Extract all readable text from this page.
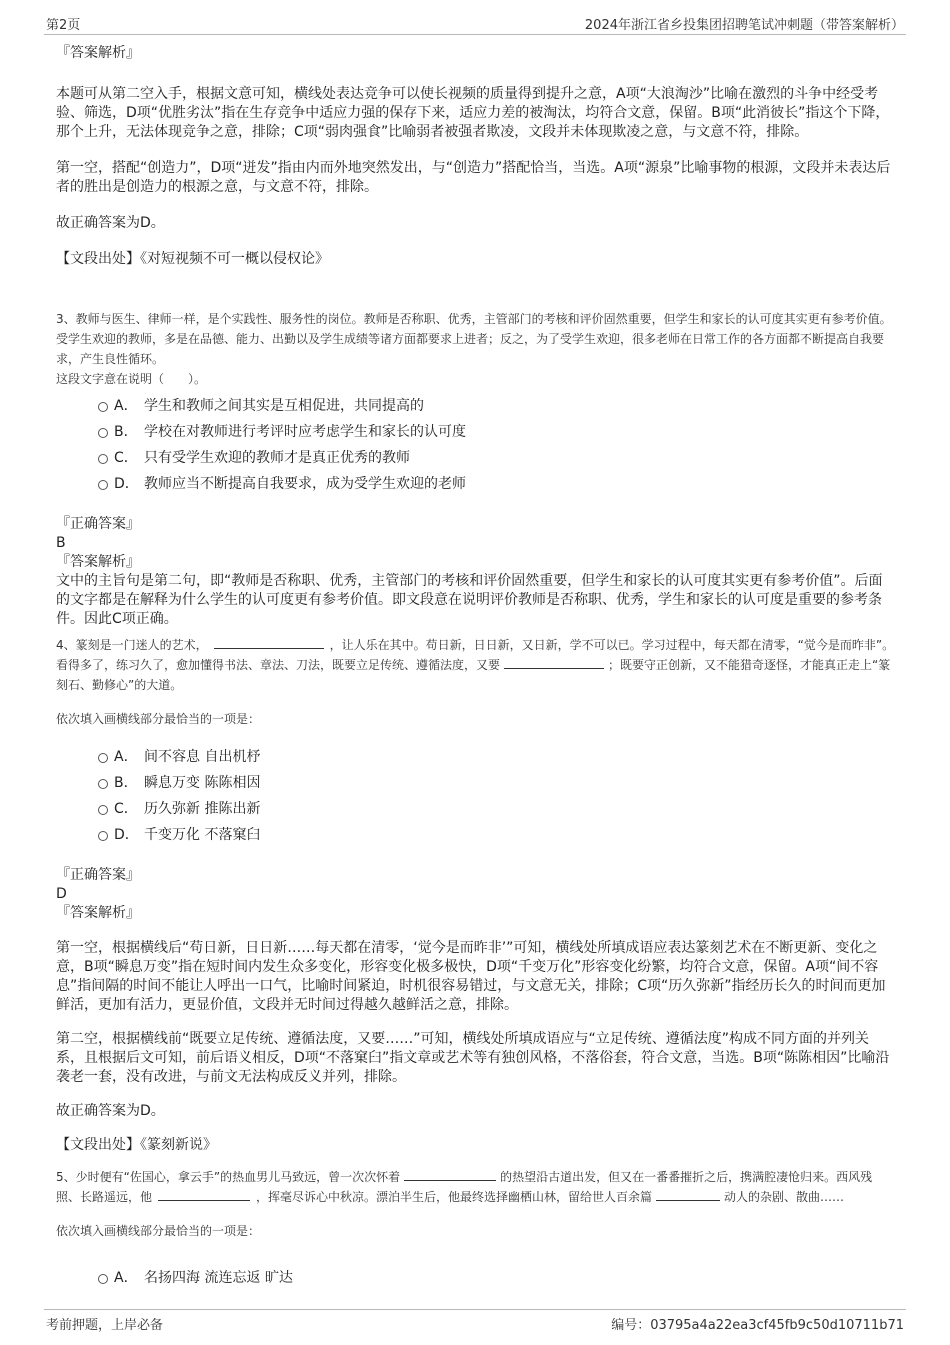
第2页	2024年浙江省乡投集团招聘笔试冲刺题（带答案解析）

『答案解析』

本题可从第二空入手，根据文意可知，横线处表达竞争可以使长视频的质量得到提升之意，A项“大浪淘沙”比喻在激烈的斗争中经受考验、筛选，D项“优胜劣汰”指在生存竞争中适应力强的保存下来，适应力差的被淘汰，均符合文意，保留。B项“此消彼长”指这个下降，那个上升，无法体现竞争之意，排除；C项“弱肉强食”比喻弱者被强者欺凌，文段并未体现欺凌之意，与文意不符，排除。

第一空，搭配“创造力”，D项“迸发”指由内而外地突然发出，与“创造力”搭配恰当，当选。A项“源泉”比喻事物的根源，文段并未表达后者的胜出是创造力的根源之意，与文意不符，排除。

故正确答案为D。

【文段出处】《对短视频不可一概以侵权论》

3、教师与医生、律师一样，是个实践性、服务性的岗位。教师是否称职、优秀，主管部门的考核和评价固然重要，但学生和家长的认可度其实更有参考价值。受学生欢迎的教师，多是在品德、能力、出勤以及学生成绩等诸方面都要求上进者；反之，为了受学生欢迎，很多老师在日常工作的各方面都不断提高自我要求，产生良性循环。

这段文字意在说明（　　）。

A． 学生和教师之间其实是互相促进，共同提高的
B． 学校在对教师进行考评时应考虑学生和家长的认可度
C． 只有受学生欢迎的教师才是真正优秀的教师
D． 教师应当不断提高自我要求，成为受学生欢迎的老师

『正确答案』

B

『答案解析』

文中的主旨句是第二句，即“教师是否称职、优秀，主管部门的考核和评价固然重要，但学生和家长的认可度其实更有参考价值”。后面的文字都是在解释为什么学生的认可度更有参考价值。即文段意在说明评价教师是否称职、优秀，学生和家长的认可度是重要的参考条件。因此C项正确。

4、篆刻是一门迷人的艺术，	，让人乐在其中。苟日新，日日新，又日新，学不可以已。学习过程中，每天都在清零，“觉今是而昨非”。看得多了，练习久了，愈加懂得书法、章法、刀法，既要立足传统、遵循法度，又要	；既要守正创新，又不能猎奇逐怪，才能真正走上“篆刻石、勤修心”的大道。

依次填入画横线部分最恰当的一项是：

A． 间不容息 自出机杼
B． 瞬息万变 陈陈相因
C． 历久弥新 推陈出新
D． 千变万化 不落窠臼

『正确答案』

D

『答案解析』

第一空，根据横线后“苟日新，日日新……每天都在清零，‘觉今是而昨非’”可知，横线处所填成语应表达篆刻艺术在不断更新、变化之意，B项“瞬息万变”指在短时间内发生众多变化，形容变化极多极快，D项“千变万化”形容变化纷繁，均符合文意，保留。A项“间不容息”指间隔的时间不能让人呼出一口气，比喻时间紧迫，时机很容易错过，与文意无关，排除；C项“历久弥新”指经历长久的时间而更加鲜活，更加有活力，更显价值，文段并无时间过得越久越鲜活之意，排除。

第二空，根据横线前“既要立足传统、遵循法度，又要……”可知，横线处所填成语应与“立足传统、遵循法度”构成不同方面的并列关系，且根据后文可知，前后语义相反，D项“不落窠臼”指文章或艺术等有独创风格，不落俗套，符合文意，当选。B项“陈陈相因”比喻沿袭老一套，没有改进，与前文无法构成反义并列，排除。

故正确答案为D。

【文段出处】《篆刻新说》

5、少时便有“佐国心，拿云手”的热血男儿马致远，曾一次次怀着	的热望沿古道出发，但又在一番番摧折之后，携满腔凄怆归来。西风残照、长路遥远，他	，挥毫尽诉心中秋凉。漂泊半生后，他最终选择幽栖山林，留给世人百余篇	动人的杂剧、散曲……

依次填入画横线部分最恰当的一项是：

A． 名扬四海 流连忘返 旷达
考前押题，上岸必备	编号：03795a4a22ea3cf45fb9c50d10711b71
